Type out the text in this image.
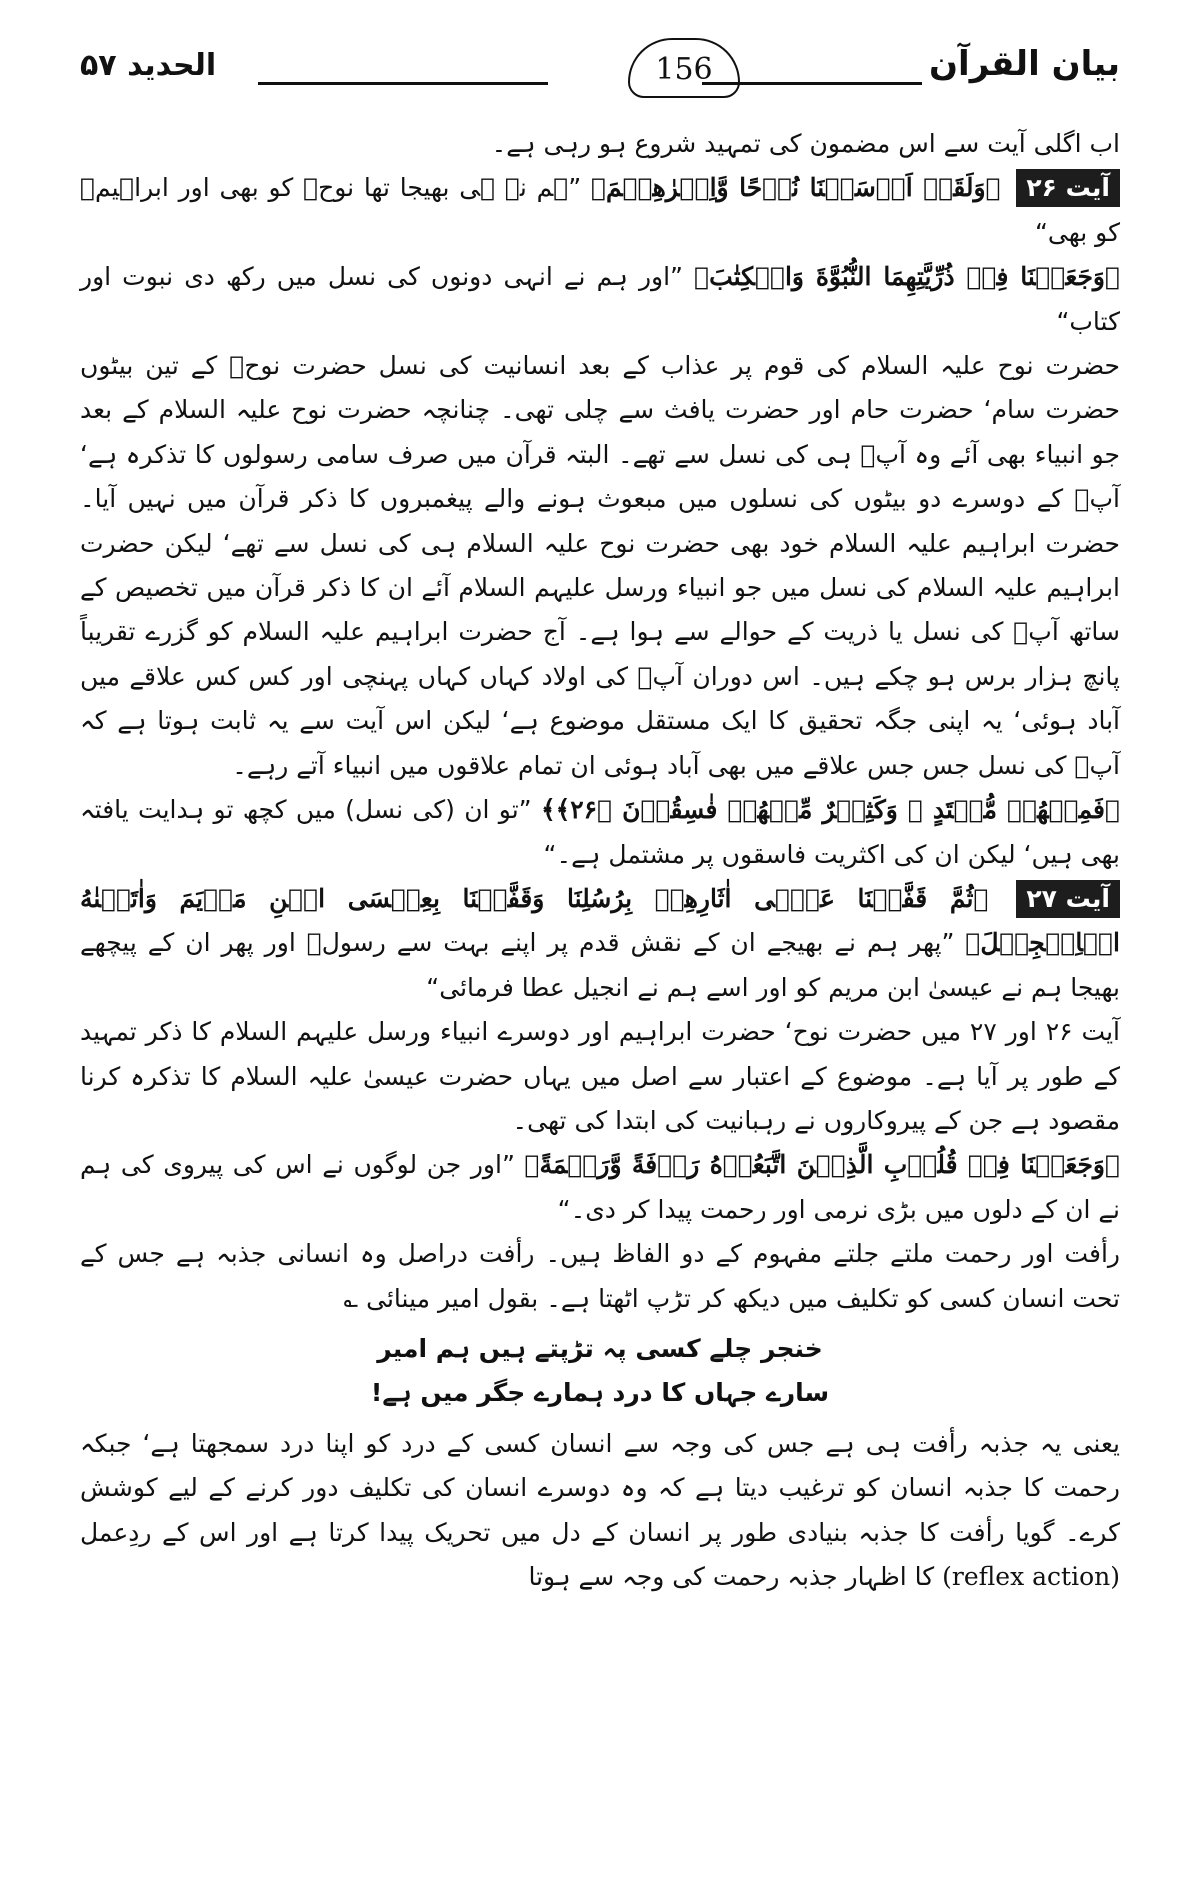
الحدید ۵۷	156	بیان القرآن

اب اگلی آیت سے اس مضمون کی تمہید شروع ہو رہی ہے۔

آیت ۲۶ ﴿وَلَقَدۡ اَرۡسَلۡنَا نُوۡحًا وَّاِبۡرٰهِيۡمَ﴾ ”ہم نے ہی بھیجا تھا نوحؑ کو بھی اور ابراہیمؑ کو بھی“

﴿وَجَعَلۡنَا فِیۡ ذُرِّیَّتِهِمَا النُّبُوَّةَ وَالۡكِتٰبَ﴾ ”اور ہم نے انہی دونوں کی نسل میں رکھ دی نبوت اور کتاب“

حضرت نوح علیہ السلام کی قوم پر عذاب کے بعد انسانیت کی نسل حضرت نوحؑ کے تین بیٹوں حضرت سام‘ حضرت حام اور حضرت یافث سے چلی تھی۔ چنانچہ حضرت نوح علیہ السلام کے بعد جو انبیاء بھی آئے وہ آپؑ ہی کی نسل سے تھے۔ البتہ قرآن میں صرف سامی رسولوں کا تذکرہ ہے‘ آپؑ کے دوسرے دو بیٹوں کی نسلوں میں مبعوث ہونے والے پیغمبروں کا ذکر قرآن میں نہیں آیا۔ حضرت ابراہیم علیہ السلام خود بھی حضرت نوح علیہ السلام ہی کی نسل سے تھے‘ لیکن حضرت ابراہیم علیہ السلام کی نسل میں جو انبیاء ورسل علیہم السلام آئے ان کا ذکر قرآن میں تخصیص کے ساتھ آپؑ کی نسل یا ذریت کے حوالے سے ہوا ہے۔ آج حضرت ابراہیم علیہ السلام کو گزرے تقریباً پانچ ہزار برس ہو چکے ہیں۔ اس دوران آپؑ کی اولاد کہاں کہاں پہنچی اور کس کس علاقے میں آباد ہوئی‘ یہ اپنی جگہ تحقیق کا ایک مستقل موضوع ہے‘ لیکن اس آیت سے یہ ثابت ہوتا ہے کہ آپؑ کی نسل جس جس علاقے میں بھی آباد ہوئی ان تمام علاقوں میں انبیاء آتے رہے۔

﴿فَمِنۡهُمۡ مُّهۡتَدٍ ۚ وَكَثِيۡرٌ مِّنۡهُمۡ فٰسِقُوۡنَ ﴿۲۶﴾﴾ ”تو ان (کی نسل) میں کچھ تو ہدایت یافتہ بھی ہیں‘ لیکن ان کی اکثریت فاسقوں پر مشتمل ہے۔“

آیت ۲۷ ﴿ثُمَّ قَفَّيۡنَا عَلٰۤی اٰثَارِهِمۡ بِرُسُلِنَا وَقَفَّيۡنَا بِعِيۡسَى ابۡنِ مَرۡيَمَ وَاٰتَيۡنٰهُ الۡاِنۡجِيۡلَ﴾ ”پھر ہم نے بھیجے ان کے نقش قدم پر اپنے بہت سے رسولؑ اور پھر ان کے پیچھے بھیجا ہم نے عیسیٰ ابن مریم کو اور اسے ہم نے انجیل عطا فرمائی“

آیت ۲۶ اور ۲۷ میں حضرت نوح‘ حضرت ابراہیم اور دوسرے انبیاء ورسل علیہم السلام کا ذکر تمہید کے طور پر آیا ہے۔ موضوع کے اعتبار سے اصل میں یہاں حضرت عیسیٰ علیہ السلام کا تذکرہ کرنا مقصود ہے جن کے پیروکاروں نے رہبانیت کی ابتدا کی تھی۔

﴿وَجَعَلۡنَا فِیۡ قُلُوۡبِ الَّذِيۡنَ اتَّبَعُوۡهُ رَاۡفَةً وَّرَحۡمَةً﴾ ”اور جن لوگوں نے اس کی پیروی کی ہم نے ان کے دلوں میں بڑی نرمی اور رحمت پیدا کر دی۔“

رأفت اور رحمت ملتے جلتے مفہوم کے دو الفاظ ہیں۔ رأفت دراصل وہ انسانی جذبہ ہے جس کے تحت انسان کسی کو تکلیف میں دیکھ کر تڑپ اٹھتا ہے۔ بقول امیر مینائی ؎

خنجر چلے کسی پہ تڑپتے ہیں ہم امیر سارے جہاں کا درد ہمارے جگر میں ہے!

یعنی یہ جذبہ رأفت ہی ہے جس کی وجہ سے انسان کسی کے درد کو اپنا درد سمجھتا ہے‘ جبکہ رحمت کا جذبہ انسان کو ترغیب دیتا ہے کہ وہ دوسرے انسان کی تکلیف دور کرنے کے لیے کوشش کرے۔ گویا رأفت کا جذبہ بنیادی طور پر انسان کے دل میں تحریک پیدا کرتا ہے اور اس کے ردِعمل (reflex action) کا اظہار جذبہ رحمت کی وجہ سے ہوتا
